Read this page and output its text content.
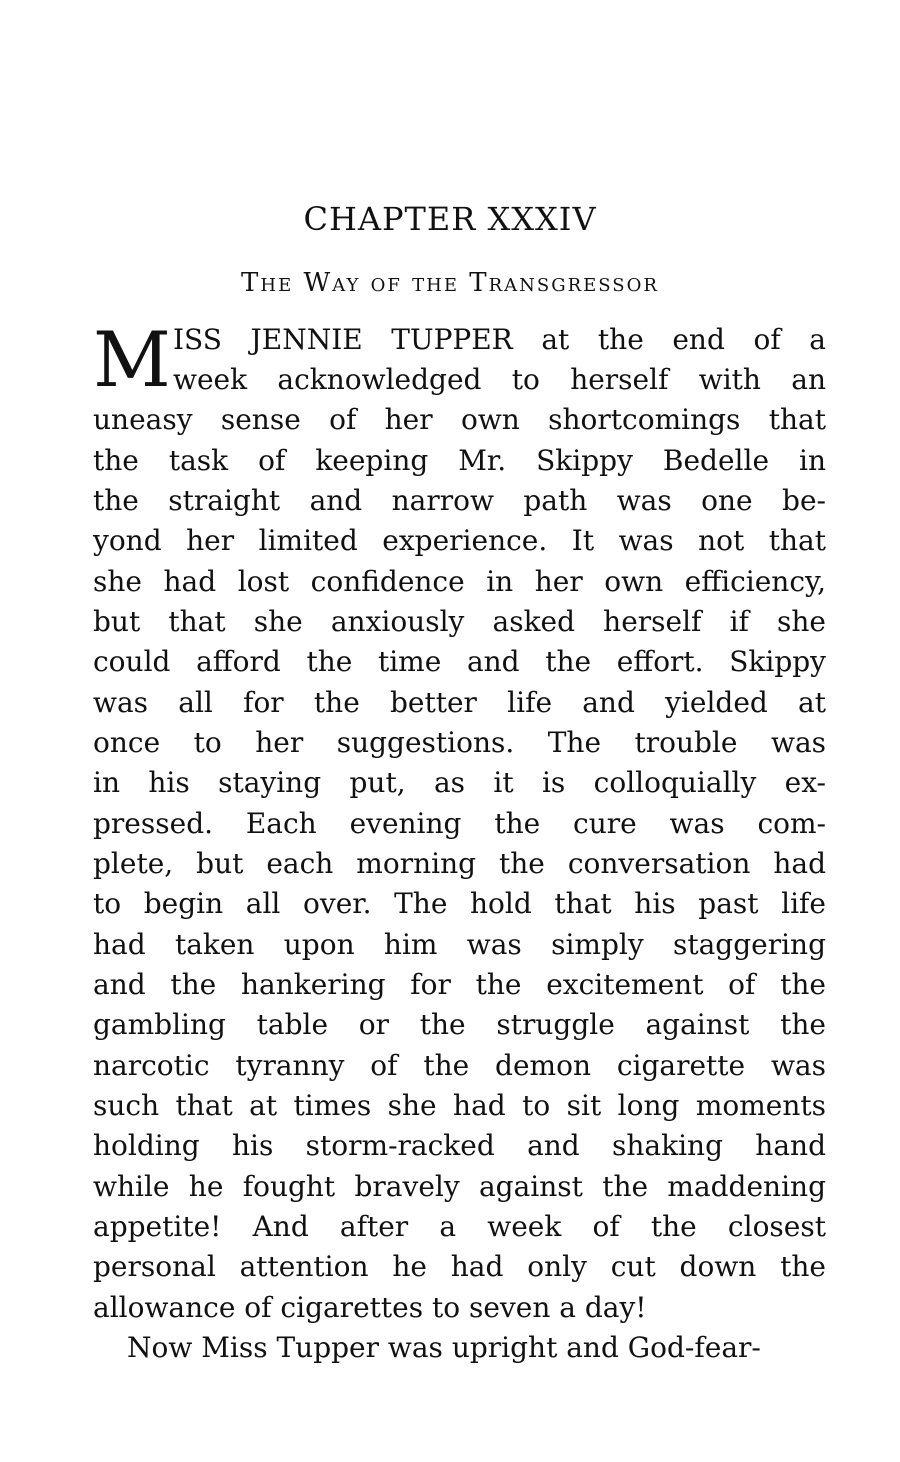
CHAPTER XXXIV
The Way of the Transgressor
M ISS JENNIE TUPPER at the end of a
week acknowledged to herself with an
uneasy sense of her own shortcomings that
the task of keeping Mr. Skippy Bedelle in
the straight and narrow path was one be-
yond her limited experience. It was not that
she had lost confidence in her own efficiency,
but that she anxiously asked herself if she
could afford the time and the effort. Skippy
was all for the better life and yielded at
once to her suggestions. The trouble was
in his staying put, as it is colloquially ex-
pressed. Each evening the cure was com-
plete, but each morning the conversation had
to begin all over. The hold that his past life
had taken upon him was simply staggering
and the hankering for the excitement of the
gambling table or the struggle against the
narcotic tyranny of the demon cigarette was
such that at times she had to sit long moments
holding his storm-racked and shaking hand
while he fought bravely against the maddening
appetite! And after a week of the closest
personal attention he had only cut down the
allowance of cigarettes to seven a day!
Now Miss Tupper was upright and God-fear-
